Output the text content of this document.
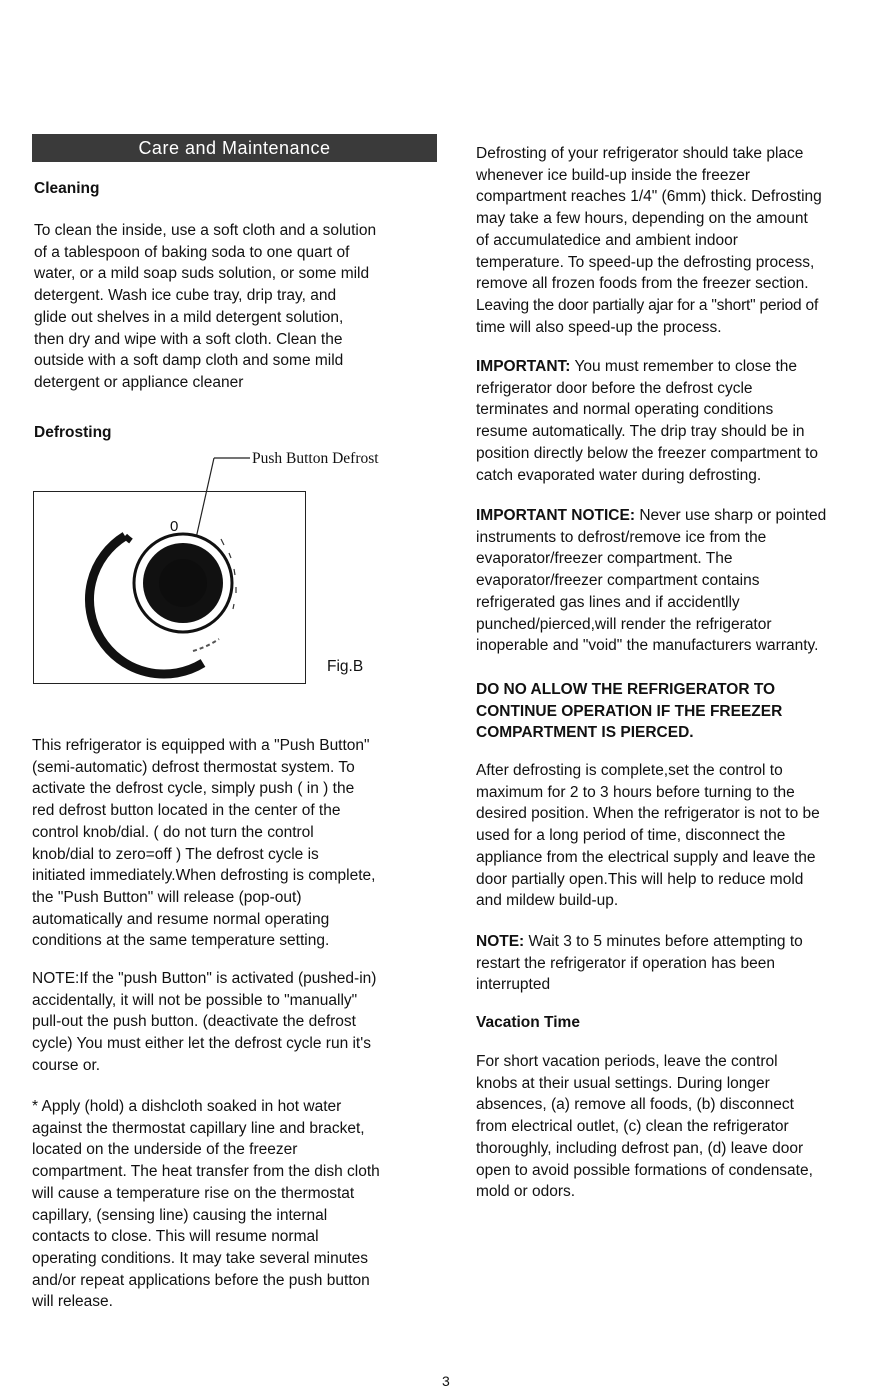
Care and Maintenance
Cleaning

To clean the inside, use a soft cloth and a solution

of a tablespoon of baking soda to one quart of

water, or a mild soap suds solution, or some mild

detergent. Wash ice cube tray, drip tray, and

glide out shelves in a mild detergent solution,

then dry and wipe with a soft cloth. Clean the

outside with a soft damp cloth and some mild

detergent or appliance cleaner

Defrosting
Push Button Defrost
0
Fig.B

This refrigerator is equipped with a "Push Button"

(semi-automatic) defrost thermostat system. To

activate the defrost cycle, simply push ( in ) the

red defrost button located in the center of the

control knob/dial. ( do not turn the control

knob/dial to zero=off ) The defrost cycle is

initiated immediately.When defrosting is complete,

the "Push Button" will release (pop-out)

automatically and resume normal operating

conditions at the same temperature setting.

NOTE:If the "push Button" is activated (pushed-in)

accidentally, it will not be possible to "manually"

pull-out the push button. (deactivate the defrost

cycle) You must either let the defrost cycle run it's

course or.

* Apply (hold) a dishcloth soaked in hot water

against the thermostat capillary line and bracket,

located on the underside of the freezer

compartment. The heat transfer from the dish cloth

will cause a temperature rise on the thermostat

capillary, (sensing line) causing the internal

contacts to close. This will resume normal

operating conditions. It may take several minutes

and/or repeat applications before the push button

will release.

Defrosting of your refrigerator should take place

whenever ice build-up inside the freezer

compartment reaches 1/4" (6mm) thick. Defrosting

may take a few hours, depending on the amount

of accumulatedice and ambient indoor

temperature. To speed-up the defrosting process,

remove all frozen foods from the freezer section.

Leaving the door partially ajar for a "short" period of

time will also speed-up the process.

IMPORTANT: You must remember to close the

refrigerator door before the defrost cycle

terminates and normal operating conditions

resume automatically. The drip tray should be in

position directly below the freezer compartment to

catch evaporated water during defrosting.

IMPORTANT NOTICE: Never use sharp or pointed

instruments to defrost/remove ice from the

evaporator/freezer compartment. The

evaporator/freezer compartment contains

refrigerated gas lines and if accidentlly

punched/pierced,will render the refrigerator

inoperable and "void" the manufacturers warranty.

DO NO ALLOW THE REFRIGERATOR TO

CONTINUE OPERATION IF THE FREEZER

COMPARTMENT IS PIERCED.

After defrosting is complete,set the control to

maximum for 2 to 3 hours before turning to the

desired position. When the refrigerator is not to be

used for a long period of time, disconnect the

appliance from the electrical supply and leave the

door partially open.This will help to reduce mold

and mildew build-up.

NOTE: Wait 3 to 5 minutes before attempting to

restart the refrigerator if operation has been

interrupted

Vacation Time

For short vacation periods, leave the control

knobs at their usual settings. During longer

absences, (a) remove all foods, (b) disconnect

from electrical outlet, (c) clean the refrigerator

thoroughly, including defrost pan, (d) leave door

open to avoid possible formations of condensate,

mold or odors.

3
